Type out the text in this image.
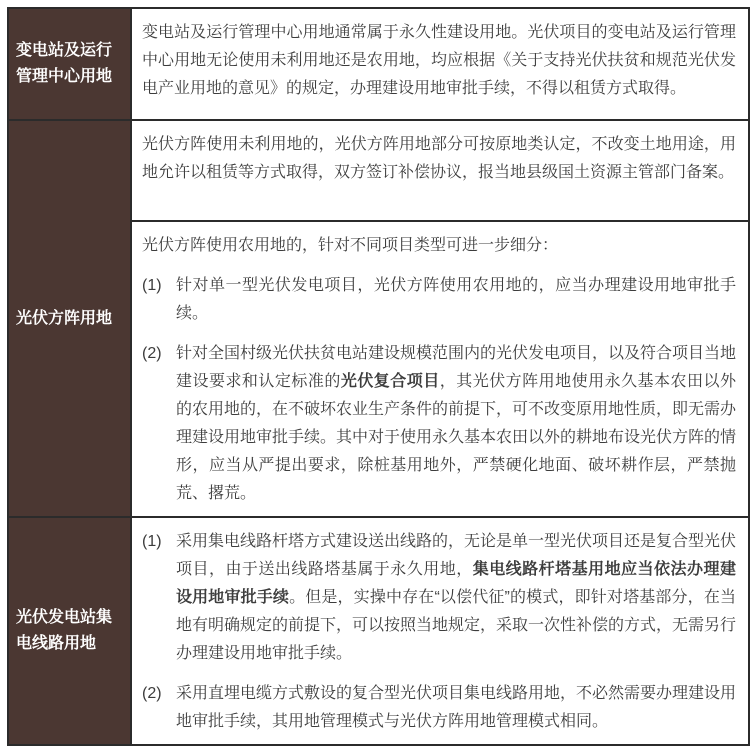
变电站及运行管理中心用地	变电站及运行管理中心用地通常属于永久性建设用地。光伏项目的变电站及运行管理中心用地无论使用未利用地还是农用地，均应根据《关于支持光伏扶贫和规范光伏发电产业用地的意见》的规定，办理建设用地审批手续，不得以租赁方式取得。

光伏方阵用地	光伏方阵使用未利用地的，光伏方阵用地部分可按原地类认定，不改变土地用途，用地允许以租赁等方式取得，双方签订补偿协议，报当地县级国土资源主管部门备案。

	光伏方阵使用农用地的，针对不同项目类型可进一步细分：

(1) 针对单一型光伏发电项目，光伏方阵使用农用地的，应当办理建设用地审批手续。
(2) 针对全国村级光伏扶贫电站建设规模范围内的光伏发电项目，以及符合项目当地建设要求和认定标准的光伏复合项目，其光伏方阵用地使用永久基本农田以外的农用地的，在不破坏农业生产条件的前提下，可不改变原用地性质，即无需办理建设用地审批手续。其中对于使用永久基本农田以外的耕地布设光伏方阵的情形，应当从严提出要求，除桩基用地外，严禁硬化地面、破坏耕作层，严禁抛荒、撂荒。

光伏发电站集电线路用地	(1) 采用集电线路杆塔方式建设送出线路的，无论是单一型光伏项目还是复合型光伏项目，由于送出线路塔基属于永久用地，集电线路杆塔基用地应当依法办理建设用地审批手续。但是，实操中存在“以偿代征”的模式，即针对塔基部分，在当地有明确规定的前提下，可以按照当地规定，采取一次性补偿的方式，无需另行办理建设用地审批手续。
(2) 采用直埋电缆方式敷设的复合型光伏项目集电线路用地，不必然需要办理建设用地审批手续，其用地管理模式与光伏方阵用地管理模式相同。
